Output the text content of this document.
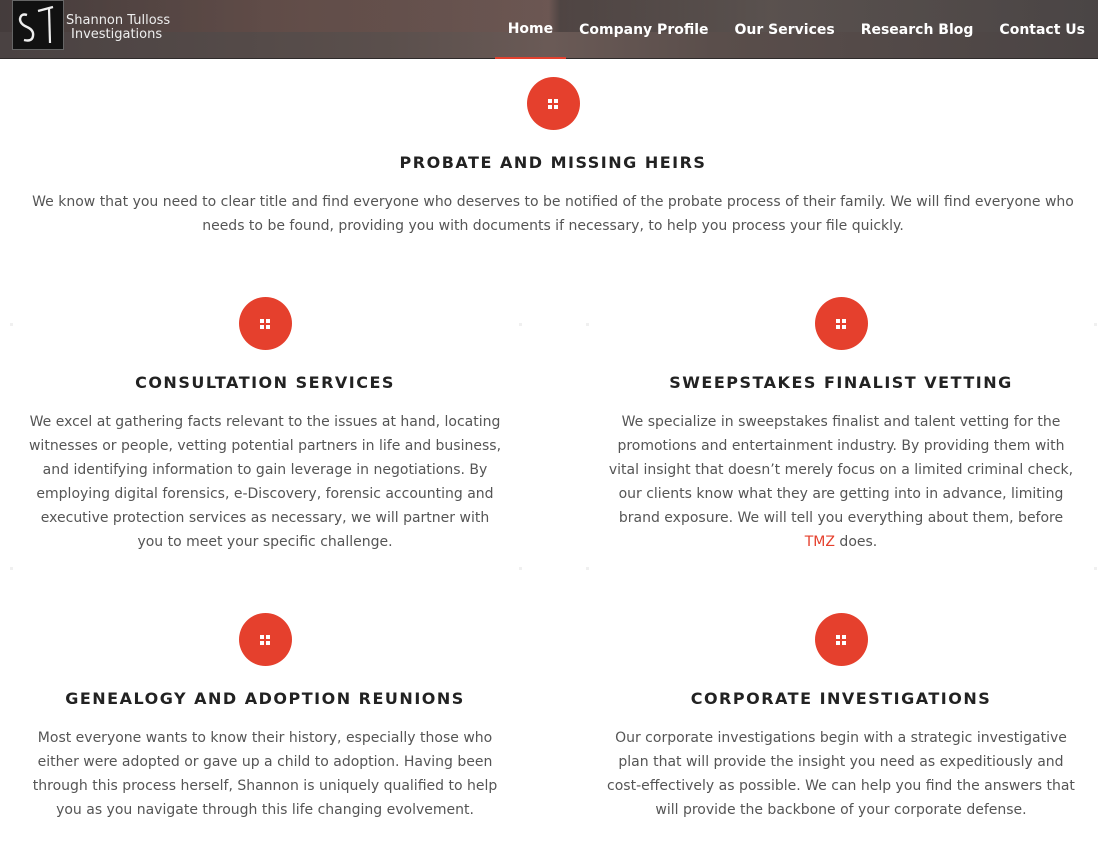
Shannon Tulloss
Investigations	Home	Company Profile	Our Services	Research Blog	Contact Us
PROBATE AND MISSING HEIRS
We know that you need to clear title and find everyone who deserves to be notified of the probate process of their family. We will find everyone who needs to be found, providing you with documents if necessary, to help you process your file quickly.
CONSULTATION SERVICES
We excel at gathering facts relevant to the issues at hand, locating witnesses or people, vetting potential partners in life and business, and identifying information to gain leverage in negotiations. By employing digital forensics, e-Discovery, forensic accounting and executive protection services as necessary, we will partner with you to meet your specific challenge.
SWEEPSTAKES FINALIST VETTING
We specialize in sweepstakes finalist and talent vetting for the promotions and entertainment industry. By providing them with vital insight that doesn’t merely focus on a limited criminal check, our clients know what they are getting into in advance, limiting brand exposure. We will tell you everything about them, before TMZ does.
GENEALOGY AND ADOPTION REUNIONS
Most everyone wants to know their history, especially those who either were adopted or gave up a child to adoption. Having been through this process herself, Shannon is uniquely qualified to help you as you navigate through this life changing evolvement.
CORPORATE INVESTIGATIONS
Our corporate investigations begin with a strategic investigative plan that will provide the insight you need as expeditiously and cost-effectively as possible. We can help you find the answers that will provide the backbone of your corporate defense.
